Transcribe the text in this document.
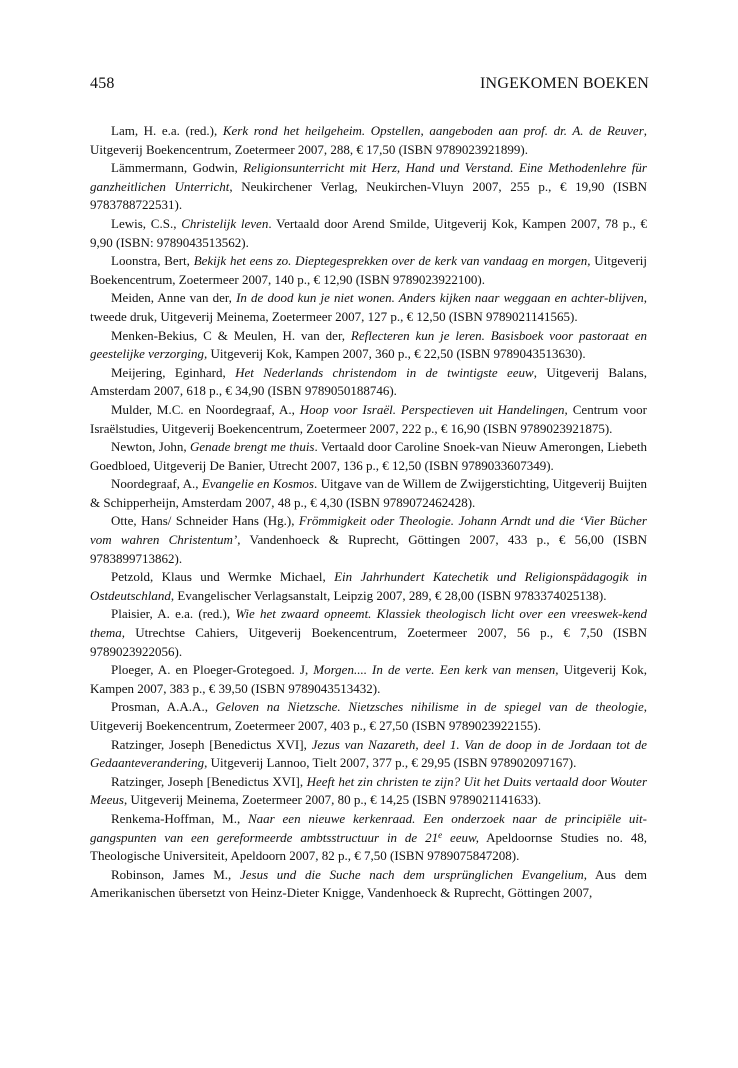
458	INGEKOMEN BOEKEN

Lam, H. e.a. (red.), Kerk rond het heilgeheim. Opstellen, aangeboden aan prof. dr. A. de Reuver, Uitgeverij Boekencentrum, Zoetermeer 2007, 288, € 17,50 (ISBN 9789023921899).

Lämmermann, Godwin, Religionsunterricht mit Herz, Hand und Verstand. Eine Methodenlehre für ganzheitlichen Unterricht, Neukirchener Verlag, Neukirchen-Vluyn 2007, 255 p., € 19,90 (ISBN 9783788722531).

Lewis, C.S., Christelijk leven. Vertaald door Arend Smilde, Uitgeverij Kok, Kampen 2007, 78 p., € 9,90 (ISBN: 9789043513562).

Loonstra, Bert, Bekijk het eens zo. Dieptegesprekken over de kerk van vandaag en morgen, Uitgeverij Boekencentrum, Zoetermeer 2007, 140 p., € 12,90 (ISBN 9789023922100).

Meiden, Anne van der, In de dood kun je niet wonen. Anders kijken naar weggaan en achter-blijven, tweede druk, Uitgeverij Meinema, Zoetermeer 2007, 127 p., € 12,50 (ISBN 9789021141565).

Menken-Bekius, C & Meulen, H. van der, Reflecteren kun je leren. Basisboek voor pastoraat en geestelijke verzorging, Uitgeverij Kok, Kampen 2007, 360 p., € 22,50 (ISBN 9789043513630).

Meijering, Eginhard, Het Nederlands christendom in de twintigste eeuw, Uitgeverij Balans, Amsterdam 2007, 618 p., € 34,90 (ISBN 9789050188746).

Mulder, M.C. en Noordegraaf, A., Hoop voor Israël. Perspectieven uit Handelingen, Centrum voor Israëlstudies, Uitgeverij Boekencentrum, Zoetermeer 2007, 222 p., € 16,90 (ISBN 9789023921875).

Newton, John, Genade brengt me thuis. Vertaald door Caroline Snoek-van Nieuw Amerongen, Liebeth Goedbloed, Uitgeverij De Banier, Utrecht 2007, 136 p., € 12,50 (ISBN 9789033607349).

Noordegraaf, A., Evangelie en Kosmos. Uitgave van de Willem de Zwijgerstichting, Uitgeverij Buijten & Schipperheijn, Amsterdam 2007, 48 p., € 4,30 (ISBN 9789072462428).

Otte, Hans/ Schneider Hans (Hg.), Frömmigkeit oder Theologie. Johann Arndt und die ‘Vier Bücher vom wahren Christentum’, Vandenhoeck & Ruprecht, Göttingen 2007, 433 p., € 56,00 (ISBN 9783899713862).

Petzold, Klaus und Wermke Michael, Ein Jahrhundert Katechetik und Religionspädagogik in Ostdeutschland, Evangelischer Verlagsanstalt, Leipzig 2007, 289, € 28,00 (ISBN 9783374025138).

Plaisier, A. e.a. (red.), Wie het zwaard opneemt. Klassiek theologisch licht over een vreeswek-kend thema, Utrechtse Cahiers, Uitgeverij Boekencentrum, Zoetermeer 2007, 56 p., € 7,50 (ISBN 9789023922056).

Ploeger, A. en Ploeger-Grotegoed. J, Morgen.... In de verte. Een kerk van mensen, Uitgeverij Kok, Kampen 2007, 383 p., € 39,50 (ISBN 9789043513432).

Prosman, A.A.A., Geloven na Nietzsche. Nietzsches nihilisme in de spiegel van de theologie, Uitgeverij Boekencentrum, Zoetermeer 2007, 403 p., € 27,50 (ISBN 9789023922155).

Ratzinger, Joseph [Benedictus XVI], Jezus van Nazareth, deel 1. Van de doop in de Jordaan tot de Gedaanteverandering, Uitgeverij Lannoo, Tielt 2007, 377 p., € 29,95 (ISBN 978902097167).

Ratzinger, Joseph [Benedictus XVI], Heeft het zin christen te zijn? Uit het Duits vertaald door Wouter Meeus, Uitgeverij Meinema, Zoetermeer 2007, 80 p., € 14,25 (ISBN 9789021141633).

Renkema-Hoffman, M., Naar een nieuwe kerkenraad. Een onderzoek naar de principiële uit-gangspunten van een gereformeerde ambtsstructuur in de 21e eeuw, Apeldoornse Studies no. 48, Theologische Universiteit, Apeldoorn 2007, 82 p., € 7,50 (ISBN 9789075847208).

Robinson, James M., Jesus und die Suche nach dem ursprünglichen Evangelium, Aus dem Amerikanischen übersetzt von Heinz-Dieter Knigge, Vandenhoeck & Ruprecht, Göttingen 2007,
